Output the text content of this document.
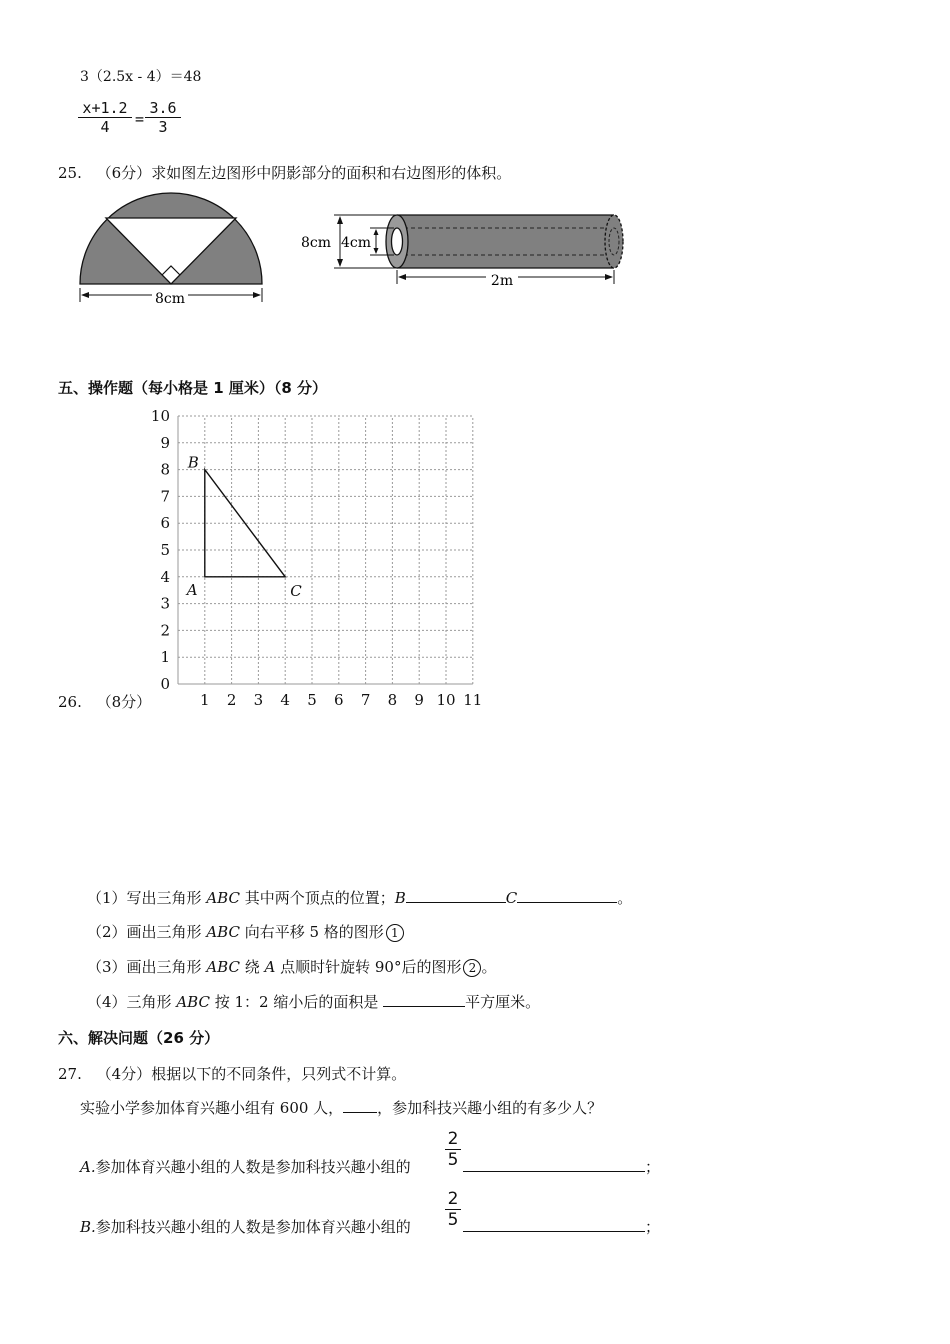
3（2.5x - 4）＝48
x+1.2
4	=
3.6
3
25. （6分）求如图左边图形中阴影部分的面积和右边图形的体积。
8cm
8cm 4cm
2m
五、操作题（每小格是 1 厘米）（8 分）
1 2 3 4 5 6 7 8 9 10 11
0
1
2
3
4
5
6
7
8
9
10
A
B
C
26. （8分）
（1）写出三角形 ABC 其中两个顶点的位置；B	C	。
（2）画出三角形 ABC 向右平移 5 格的图形 1
（3）画出三角形 ABC 绕 A 点顺时针旋转 90°后的图形 2 。
（4）三角形 ABC 按 1：2 缩小后的面积是	平方厘米。
六、解决问题（26 分）
27. （4分）根据以下的不同条件，只列式不计算。
实验小学参加体育兴趣小组有 600 人， ，参加科技兴趣小组的有多少人？
A.参加体育兴趣小组的人数是参加科技兴趣小组的
2
5	；
B.参加科技兴趣小组的人数是参加体育兴趣小组的
2
5	；
